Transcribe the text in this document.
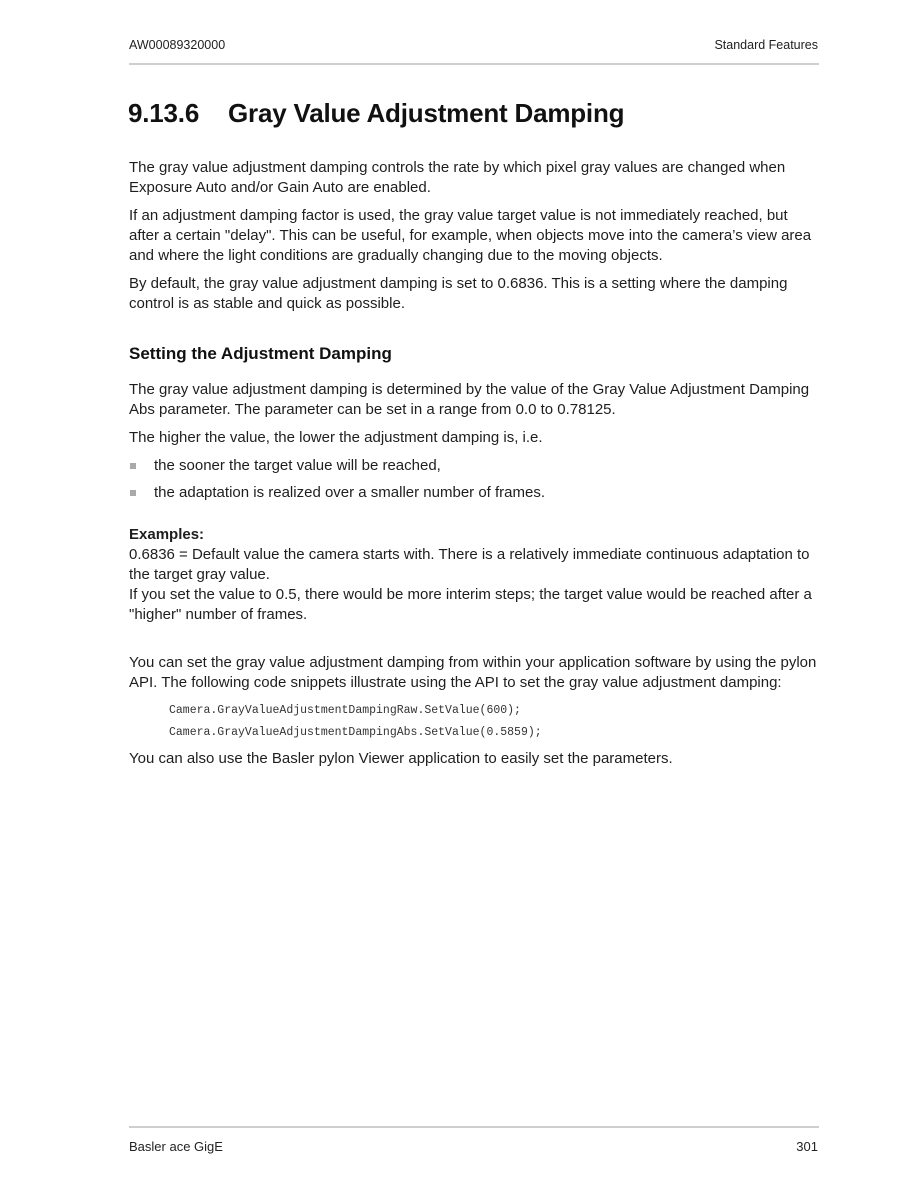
AW00089320000	Standard Features
9.13.6 Gray Value Adjustment Damping

The gray value adjustment damping controls the rate by which pixel gray values are changed when Exposure Auto and/or Gain Auto are enabled.

If an adjustment damping factor is used, the gray value target value is not immediately reached, but after a certain "delay". This can be useful, for example, when objects move into the camera’s view area and where the light conditions are gradually changing due to the moving objects.

By default, the gray value adjustment damping is set to 0.6836. This is a setting where the damping control is as stable and quick as possible.

Setting the Adjustment Damping

The gray value adjustment damping is determined by the value of the Gray Value Adjustment Damping Abs parameter. The parameter can be set in a range from 0.0 to 0.78125.

The higher the value, the lower the adjustment damping is, i.e.

the sooner the target value will be reached,
the adaptation is realized over a smaller number of frames.

Examples:

0.6836 = Default value the camera starts with. There is a relatively immediate continuous adaptation to the target gray value.

If you set the value to 0.5, there would be more interim steps; the target value would be reached after a "higher" number of frames.

You can set the gray value adjustment damping from within your application software by using the pylon API. The following code snippets illustrate using the API to set the gray value adjustment damping:

Camera.GrayValueAdjustmentDampingRaw.SetValue(600);

Camera.GrayValueAdjustmentDampingAbs.SetValue(0.5859);

You can also use the Basler pylon Viewer application to easily set the parameters.

Basler ace GigE	301
